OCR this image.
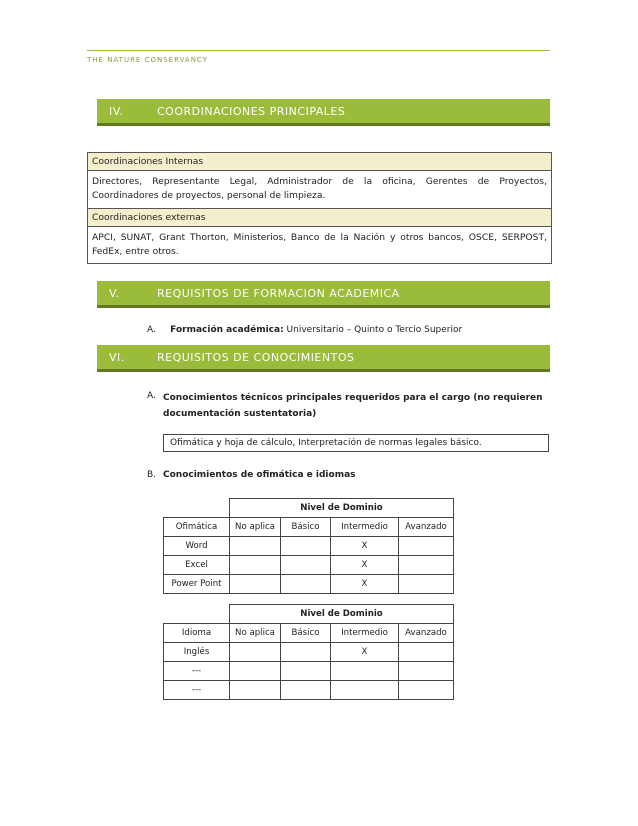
THE NATURE CONSERVANCY
IV.	COORDINACIONES PRINCIPALES
Coordinaciones Internas
Directores, Representante Legal, Administrador de la oficina, Gerentes de Proyectos, Coordinadores de proyectos, personal de limpieza.
Coordinaciones externas
APCI, SUNAT, Grant Thorton, Ministerios, Banco de la Nación y otros bancos, OSCE, SERPOST, FedEx, entre otros.
V.	REQUISITOS DE FORMACION ACADEMICA
A. Formación académica: Universitario – Quinto o Tercio Superior
VI.	REQUISITOS DE CONOCIMIENTOS
A. Conocimientos técnicos principales requeridos para el cargo (no requieren
documentación sustentatoria)
Ofimática y hoja de cálculo, Interpretación de normas legales básico.
B. Conocimientos de ofimática e idiomas
	Nivel de Dominio			
Ofimática	No aplica	Básico	Intermedio	Avanzado
Word			X	
Excel			X	
Power Point			X	
	Nivel de Dominio			
Idioma	No aplica	Básico	Intermedio	Avanzado
Inglés			X	
---				
---				
